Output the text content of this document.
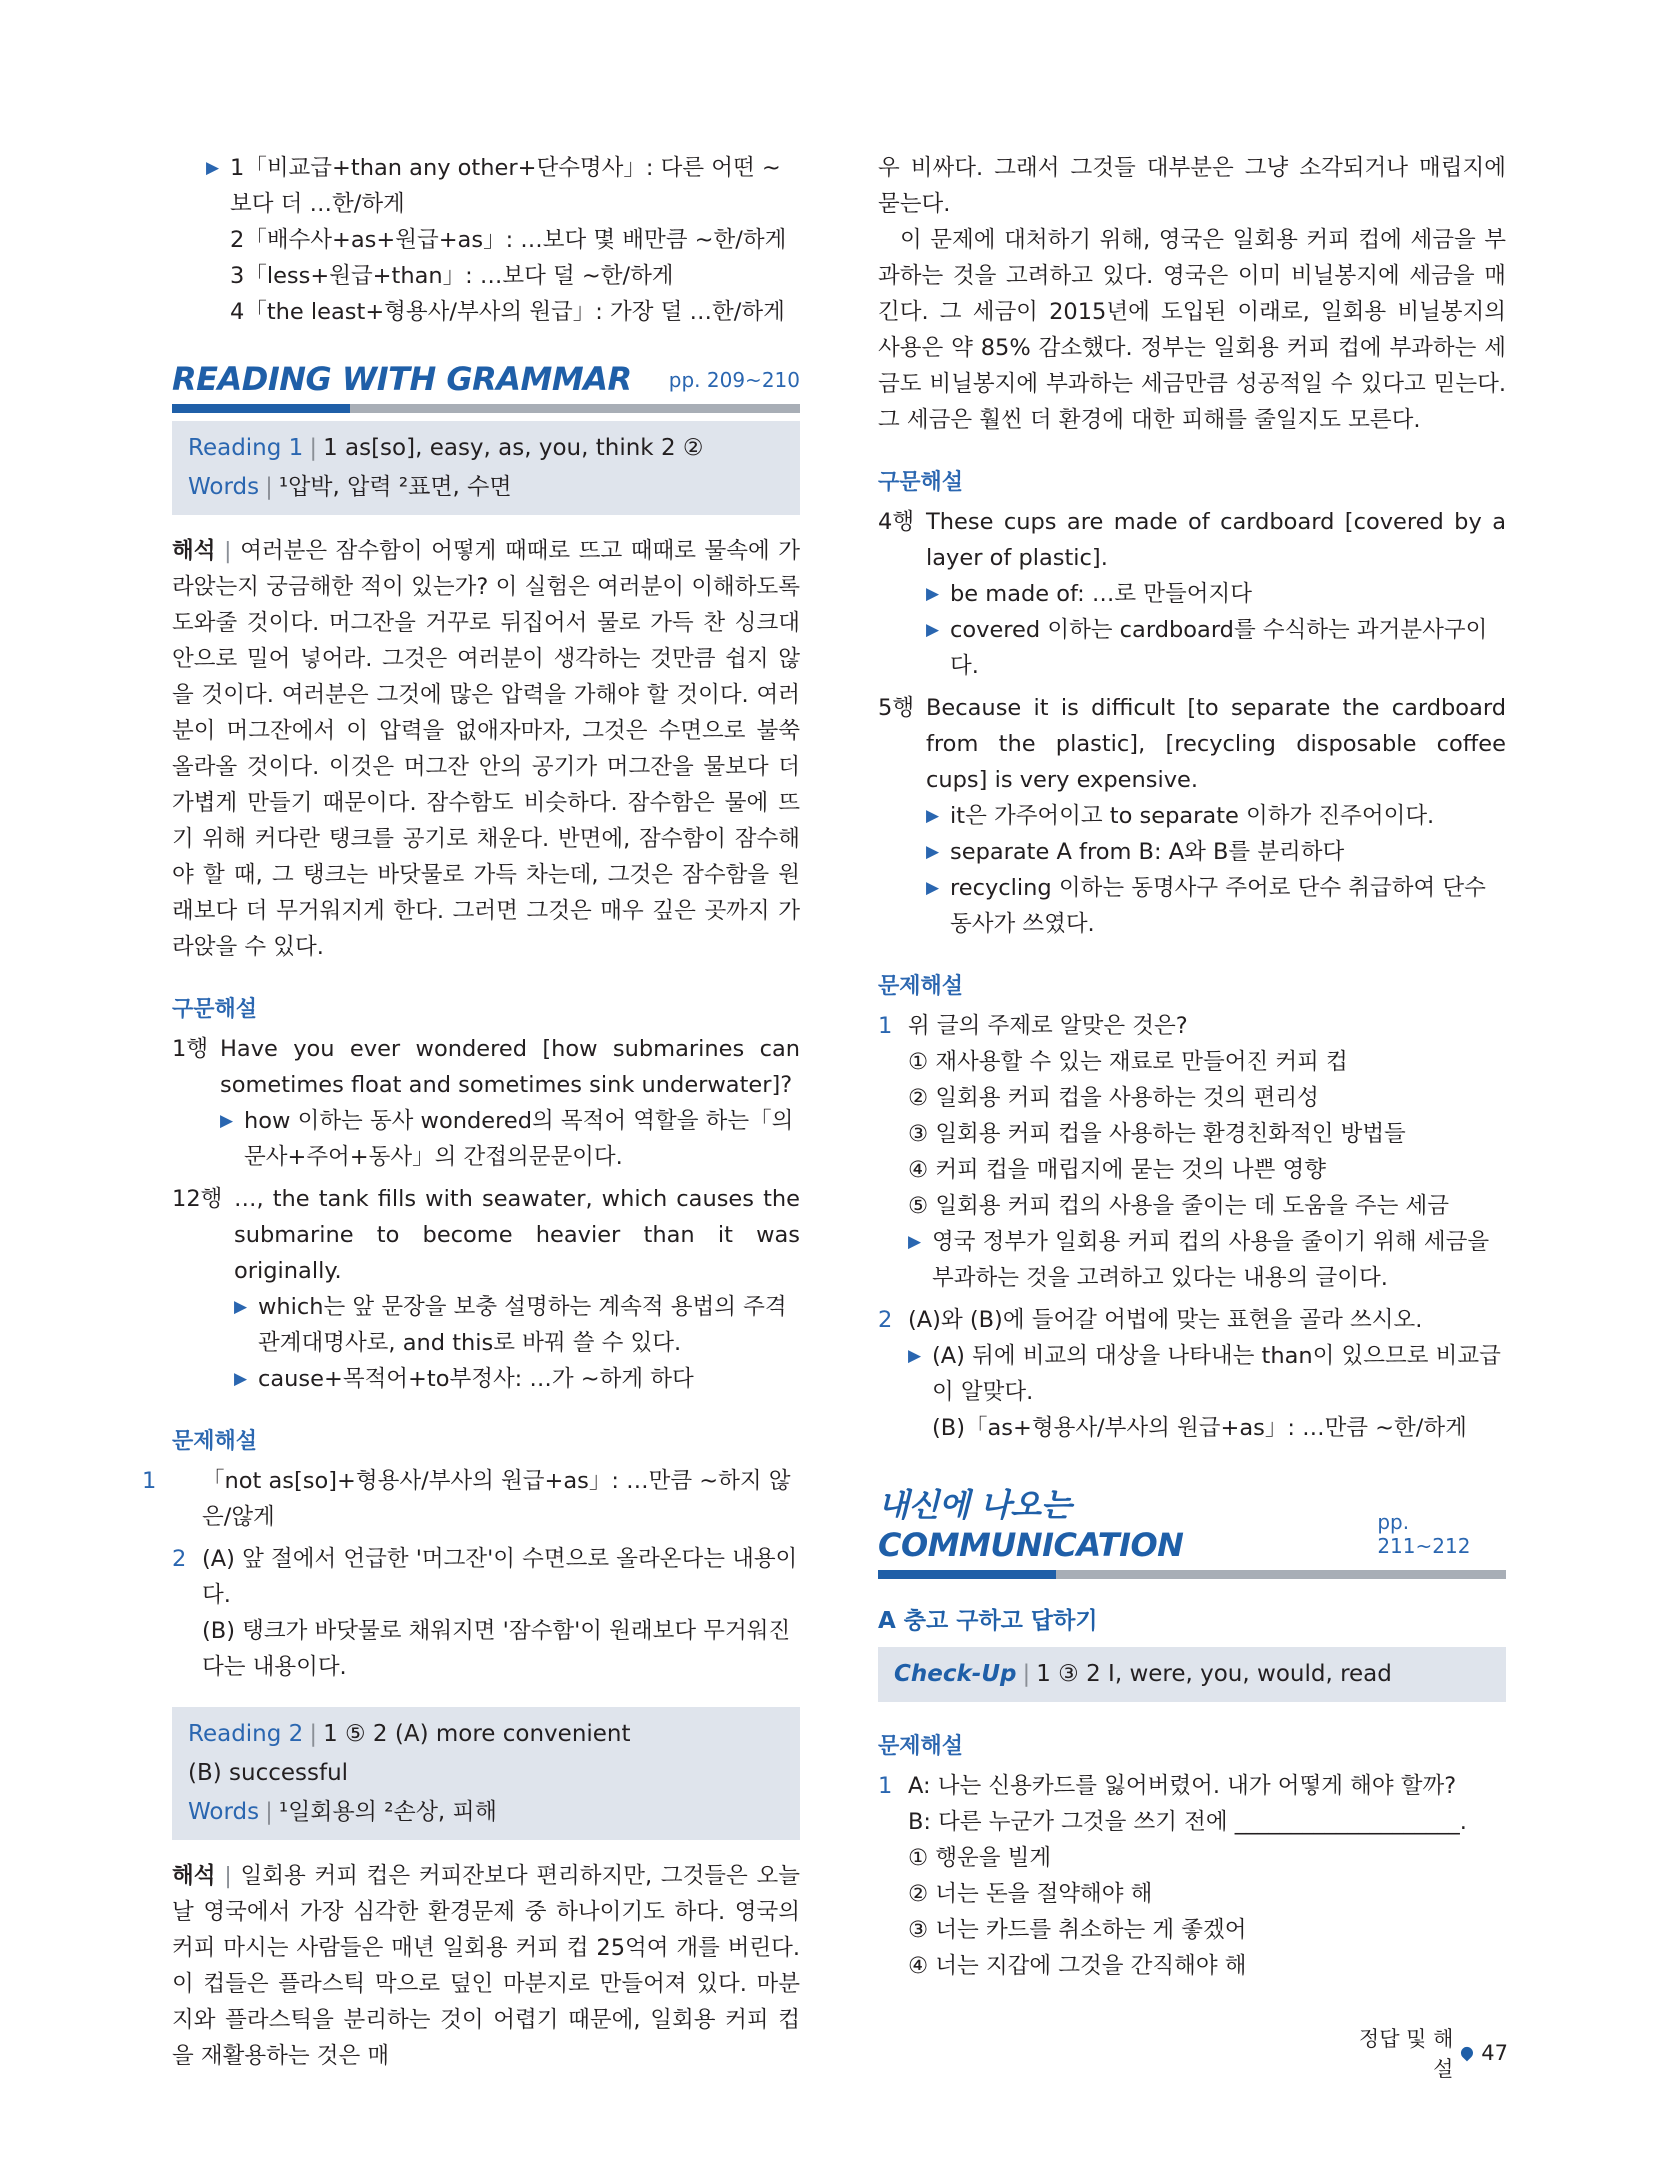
▶ 1「비교급+than any other+단수명사」: 다른 어떤 ~보다 더 …한/하게
2「배수사+as+원급+as」: …보다 몇 배만큼 ~한/하게
3「less+원급+than」: …보다 덜 ~한/하게
4「the least+형용사/부사의 원급」: 가장 덜 …한/하게
READING WITH GRAMMAR pp. 209~210
Reading 1 | 1 as[so], easy, as, you, think 2 ②
Words | ¹압박, 압력 ²표면, 수면
해석 | 여러분은 잠수함이 어떻게 때때로 뜨고 때때로 물속에 가라앉는지 궁금해한 적이 있는가? 이 실험은 여러분이 이해하도록 도와줄 것이다. 머그잔을 거꾸로 뒤집어서 물로 가득 찬 싱크대 안으로 밀어 넣어라. 그것은 여러분이 생각하는 것만큼 쉽지 않을 것이다. 여러분은 그것에 많은 압력을 가해야 할 것이다. 여러분이 머그잔에서 이 압력을 없애자마자, 그것은 수면으로 불쑥 올라올 것이다. 이것은 머그잔 안의 공기가 머그잔을 물보다 더 가볍게 만들기 때문이다. 잠수함도 비슷하다. 잠수함은 물에 뜨기 위해 커다란 탱크를 공기로 채운다. 반면에, 잠수함이 잠수해야 할 때, 그 탱크는 바닷물로 가득 차는데, 그것은 잠수함을 원래보다 더 무거워지게 한다. 그러면 그것은 매우 깊은 곳까지 가라앉을 수 있다.
구문해설
1행 Have you ever wondered [how submarines can sometimes float and sometimes sink underwater]?
▶ how 이하는 동사 wondered의 목적어 역할을 하는「의문사+주어+동사」의 간접의문문이다.
12행 …, the tank fills with seawater, which causes the submarine to become heavier than it was originally.
▶ which는 앞 문장을 보충 설명하는 계속적 용법의 주격 관계대명사로, and this로 바꿔 쓸 수 있다.
▶ cause+목적어+to부정사: …가 ~하게 하다
문제해설
1 「not as[so]+형용사/부사의 원급+as」: …만큼 ~하지 않은/않게
2 (A) 앞 절에서 언급한 '머그잔'이 수면으로 올라온다는 내용이다.
(B) 탱크가 바닷물로 채워지면 '잠수함'이 원래보다 무거워진다는 내용이다.
Reading 2 | 1 ⑤ 2 (A) more convenient
(B) successful
Words | ¹일회용의 ²손상, 피해
해석 | 일회용 커피 컵은 커피잔보다 편리하지만, 그것들은 오늘날 영국에서 가장 심각한 환경문제 중 하나이기도 하다. 영국의 커피 마시는 사람들은 매년 일회용 커피 컵 25억여 개를 버린다. 이 컵들은 플라스틱 막으로 덮인 마분지로 만들어져 있다. 마분지와 플라스틱을 분리하는 것이 어렵기 때문에, 일회용 커피 컵을 재활용하는 것은 매
우 비싸다. 그래서 그것들 대부분은 그냥 소각되거나 매립지에 묻는다.
이 문제에 대처하기 위해, 영국은 일회용 커피 컵에 세금을 부과하는 것을 고려하고 있다. 영국은 이미 비닐봉지에 세금을 매긴다. 그 세금이 2015년에 도입된 이래로, 일회용 비닐봉지의 사용은 약 85% 감소했다. 정부는 일회용 커피 컵에 부과하는 세금도 비닐봉지에 부과하는 세금만큼 성공적일 수 있다고 믿는다. 그 세금은 훨씬 더 환경에 대한 피해를 줄일지도 모른다.
구문해설
4행 These cups are made of cardboard [covered by a layer of plastic].
▶ be made of: …로 만들어지다
▶ covered 이하는 cardboard를 수식하는 과거분사구이다.
5행 Because it is difficult [to separate the cardboard from the plastic], [recycling disposable coffee cups] is very expensive.
▶ it은 가주어이고 to separate 이하가 진주어이다.
▶ separate A from B: A와 B를 분리하다
▶ recycling 이하는 동명사구 주어로 단수 취급하여 단수 동사가 쓰였다.
문제해설
1 위 글의 주제로 알맞은 것은?
① 재사용할 수 있는 재료로 만들어진 커피 컵
② 일회용 커피 컵을 사용하는 것의 편리성
③ 일회용 커피 컵을 사용하는 환경친화적인 방법들
④ 커피 컵을 매립지에 묻는 것의 나쁜 영향
⑤ 일회용 커피 컵의 사용을 줄이는 데 도움을 주는 세금
▶ 영국 정부가 일회용 커피 컵의 사용을 줄이기 위해 세금을 부과하는 것을 고려하고 있다는 내용의 글이다.
2 (A)와 (B)에 들어갈 어법에 맞는 표현을 골라 쓰시오.
▶ (A) 뒤에 비교의 대상을 나타내는 than이 있으므로 비교급이 알맞다.
(B)「as+형용사/부사의 원급+as」: …만큼 ~한/하게
내신에 나오는 COMMUNICATION
pp. 211~212
A 충고 구하고 답하기
Check-Up | 1 ③ 2 I, were, you, would, read
문제해설
1 A: 나는 신용카드를 잃어버렸어. 내가 어떻게 해야 할까?
B: 다른 누군가 그것을 쓰기 전에 ____________________.
① 행운을 빌게
② 너는 돈을 절약해야 해
③ 너는 카드를 취소하는 게 좋겠어
④ 너는 지갑에 그것을 간직해야 해
정답 및 해설
47
